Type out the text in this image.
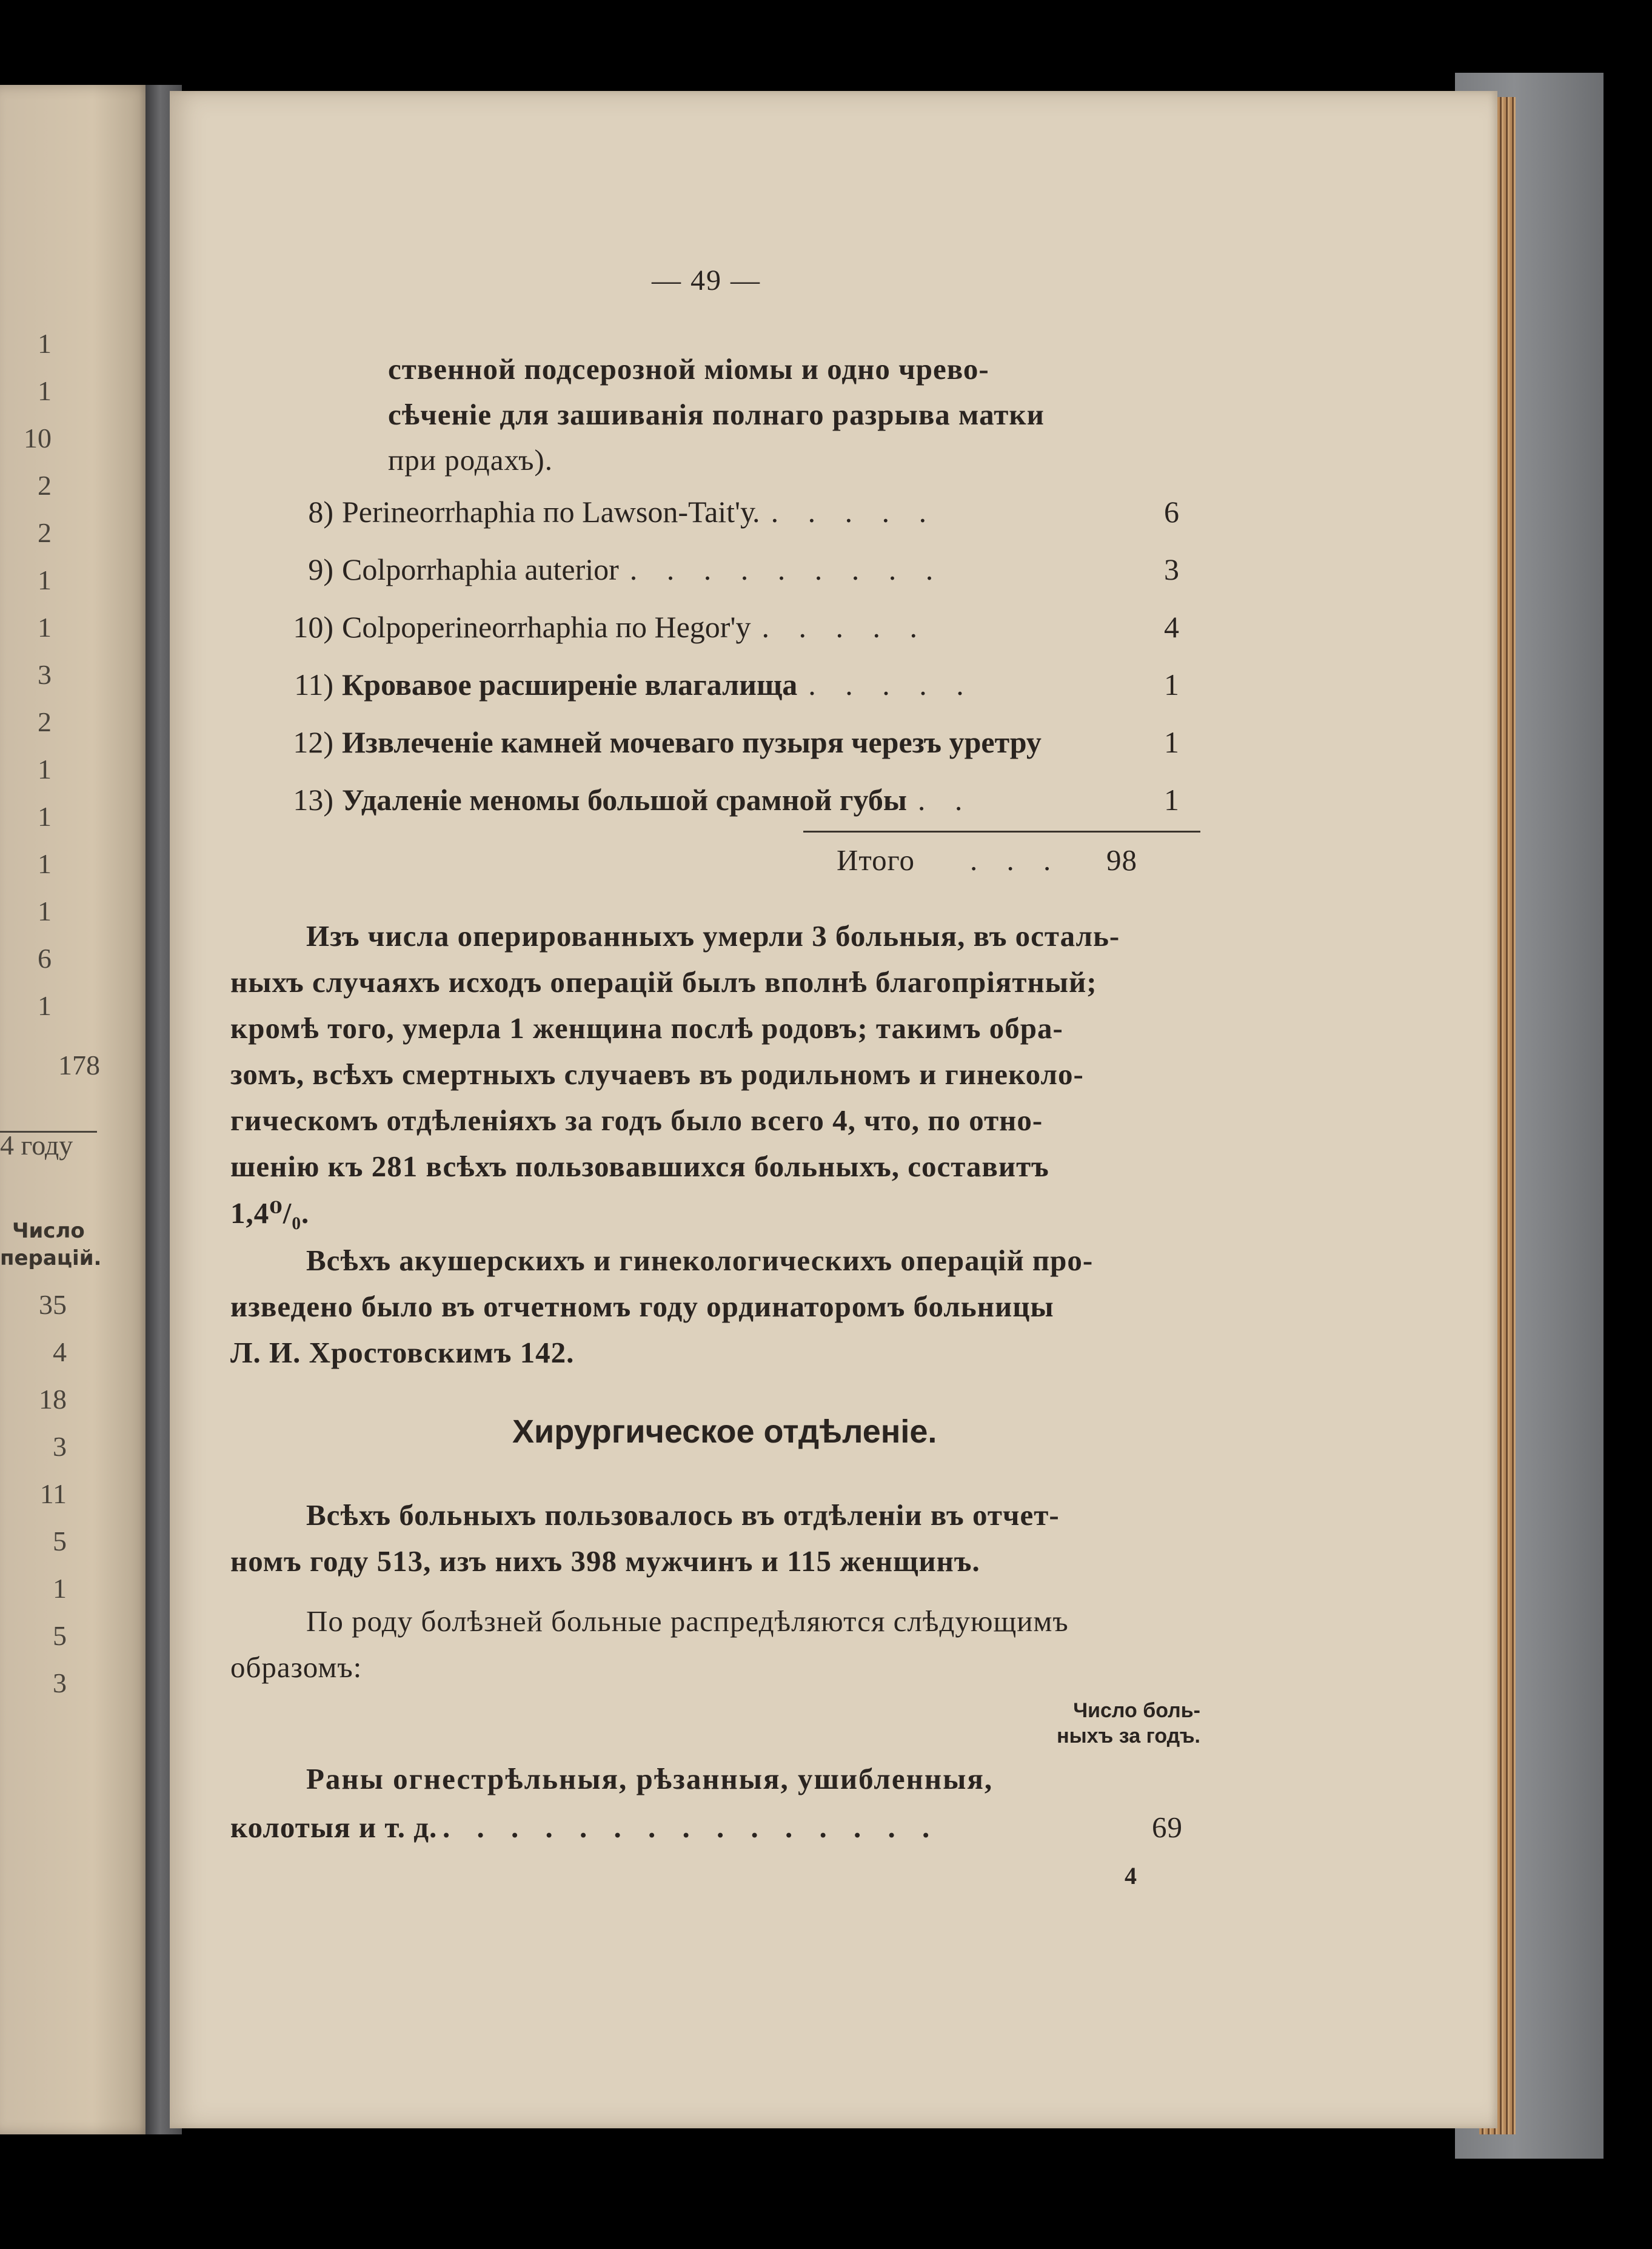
1
1
10
2
2
1
1
3
2
1
1
1
1
6
1
178
4 году
Число
перацій.
35
4
18
3
11
5
1
5
3
— 49 —
ственной подсерозной міомы и одно чрево-
сѣченіе для зашиванія полнаго разрыва матки
при родахъ).
8) Perineorrhaphia по Lawson-Tait'у. . . . . .	6
9) Colporrhaphia auterior . . . . . . . . .	3
10) Colpoperineorrhaphia по Hegor'у . . . . .	4
11) Кровавое расширеніе влагалища . . . . .	1
12) Извлеченіе камней мочеваго пузыря черезъ уретру	1
13) Удаленіе меномы большой срамной губы . .	1
Итого . . . 98
Изъ числа оперированныхъ умерли 3 больныя, въ осталь-
ныхъ случаяхъ исходъ операцій былъ вполнѣ благопріятный;
кромѣ того, умерла 1 женщина послѣ родовъ; такимъ обра-
зомъ, всѣхъ смертныхъ случаевъ въ родильномъ и гинеколо-
гическомъ отдѣленіяхъ за годъ было всего 4, что, по отно-
шенію къ 281 всѣхъ пользовавшихся больныхъ, составитъ
1,4⁰/₀.
Всѣхъ акушерскихъ и гинекологическихъ операцій про-
изведено было въ отчетномъ году ординаторомъ больницы
Л. И. Хростовскимъ 142.
Хирургическое отдѣленіе.
Всѣхъ больныхъ пользовалось въ отдѣленіи въ отчет-
номъ году 513, изъ нихъ 398 мужчинъ и 115 женщинъ.
По роду болѣзней больные распредѣляются слѣдующимъ
образомъ:
Число боль-
ныхъ за годъ.
Раны огнестрѣльныя, рѣзанныя, ушибленныя,
колотыя и т. д. . . . . . . . . . . . . . . .	69
4
